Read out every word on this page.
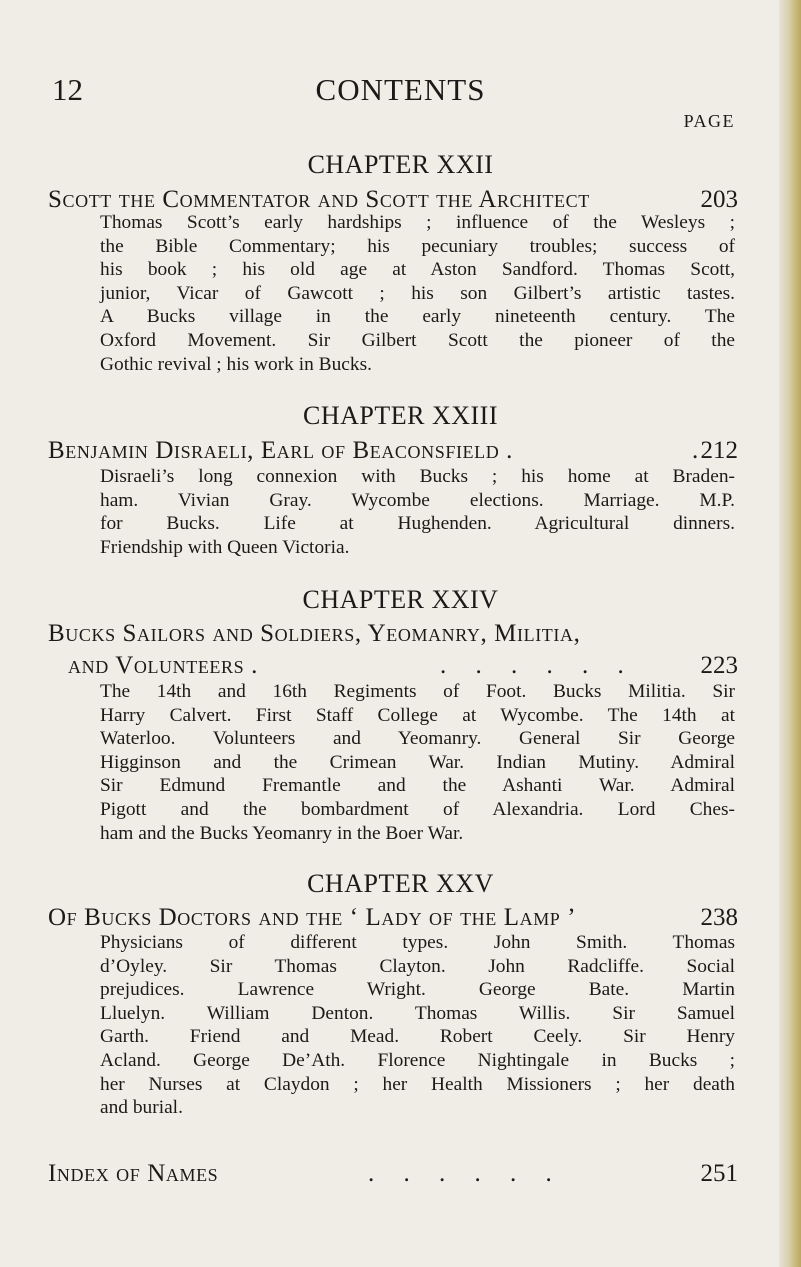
12	CONTENTS
PAGE
CHAPTER XXII
Scott the Commentator and Scott the Architect	203
Thomas Scott’s early hardships ; influence of the Wesleys ;
the Bible Commentary; his pecuniary troubles; success of
his book ; his old age at Aston Sandford. Thomas Scott,
junior, Vicar of Gawcott ; his son Gilbert’s artistic tastes.
A Bucks village in the early nineteenth century. The
Oxford Movement. Sir Gilbert Scott the pioneer of the
Gothic revival ; his work in Bucks.
CHAPTER XXIII
Benjamin Disraeli, Earl of Beaconsfield .	. 212
Disraeli’s long connexion with Bucks ; his home at Braden-
ham. Vivian Gray. Wycombe elections. Marriage. M.P.
for Bucks. Life at Hughenden. Agricultural dinners.
Friendship with Queen Victoria.
CHAPTER XXIV
Bucks Sailors and Soldiers, Yeomanry, Militia,
and Volunteers .	. . . . . .	223
The 14th and 16th Regiments of Foot. Bucks Militia. Sir
Harry Calvert. First Staff College at Wycombe. The 14th at
Waterloo. Volunteers and Yeomanry. General Sir George
Higginson and the Crimean War. Indian Mutiny. Admiral
Sir Edmund Fremantle and the Ashanti War. Admiral
Pigott and the bombardment of Alexandria. Lord Ches-
ham and the Bucks Yeomanry in the Boer War.
CHAPTER XXV
Of Bucks Doctors and the ‘ Lady of the Lamp ’	238
Physicians of different types. John Smith. Thomas
d’Oyley. Sir Thomas Clayton. John Radcliffe. Social
prejudices. Lawrence Wright. George Bate. Martin
Lluelyn. William Denton. Thomas Willis. Sir Samuel
Garth. Friend and Mead. Robert Ceely. Sir Henry
Acland. George De’Ath. Florence Nightingale in Bucks ;
her Nurses at Claydon ; her Health Missioners ; her death
and burial.
Index of Names	. . . . . .	251
